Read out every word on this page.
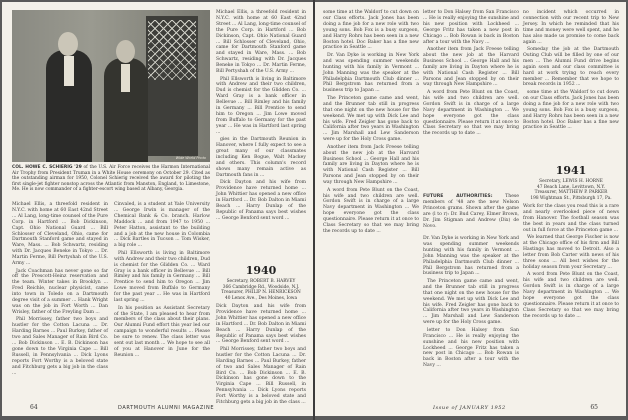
Wide World Photo
COL. HOWE C. SCHIERIG '29 of the U.S. Air Force receives the Harmon International Air Trophy from President Truman in a White House ceremony on October 29. Cited as the outstanding airman for 1950, Colonel Schierig received the award for piloting the first single-jet fighter nonstop across the Atlantic from Manston, England, to Limestone, Me. He is now commander of a fighter-escort wing based at Albany, Georgia.

Michael Ellis, a threefold resident in N.Y.C. with home at 60 East 42nd Street ... Al Lang, long-time counsel of the Pure Corp. in Hartford ... Bob Dickinson, Capt. Ohio National Guard ... Bill Schlosser of Cleveland, Ohio, came for Dartmouth Stanford game and stayed in Ware, Mass. ... Bob Schwartz, residing with Dr. Jacques Beneke in Tokyo ... Dr. Martin Ferme, Bill Pertyshah of the U.S. Army ...

Jack Coachman has never gone so far off the Prescott-Heinz reservation and the team. Winter takes in Brooklyn ... Fred Reichle, nuclear physicist, came into town in Toledo on a Dartmouth degree visit of a summer ... Hank Wright was on the job in Fort Worth ... Dan Wrisley, father of the Freyling Dam ...

Phil Morrissey, father two boys and hustler for the Cotton Lacuna ... Dr. Harding Barnes ... Paul Burkey, father of two and Sales Manager of Rain Bird Co. ... Bob Dickinson ... E. B. Dickinson has gone down to the Virginia Cape ... Bill Russell, in Pennsylvania ... Dick Lyons reports Fort Worthy is a beloved state and Fitchburg gets a big job in the class ...

Cinvaled, is a student at Yale University ... George Irwin is manager of the Chemical Bank & Co. branch. Harlow Maddock ... and from 1947 to 1950 ... Peter Hatton, assistant to the building and a job at the new house in Colombia ... Dick Bartles in Tucson ... Tom Wisker, a big role ...

Phil Ellsworth is living in Baltimore with Andrew and their two children, Dud is chemist for the Glidden Co. ... Ward Gray is a bank officer in Bellevue ... Bill Rimley and his family in Germany ... Bill Prentice to send him to Oregon ... Jim Lowe moved from Buffalo to Germany for the past year ... He was in Hartford last spring ...

In his position as Assistant Secretary of the State, I am pleased to hear from members of the class about their plans. Our Alumni Fund effort this year led our campaign to wonderful results ... Please be sure to renew. The class letter was sent out last month ... We hope to see all of you at Hanover in June for the Reunion ...

Michael Ellis, a threefold resident in N.Y.C. with home at 60 East 42nd Street ... Al Lang, long-time counsel of the Pure Corp. in Hartford ... Bob Dickinson, Capt. Ohio National Guard ... Bill Schlosser of Cleveland, Ohio, came for Dartmouth Stanford game and stayed in Ware, Mass. ... Bob Schwartz, residing with Dr. Jacques Beneke in Tokyo ... Dr. Martin Ferme, Bill Pertyshah of the U.S. Army ...

Phil Ellsworth is living in Baltimore with Andrew and their two children, Dud is chemist for the Glidden Co. ... Ward Gray is a bank officer in Bellevue ... Bill Rimley and his family in Germany ... Bill Prentice to send him to Oregon ... Jim Lowe moved from Buffalo to Germany for the past year ... He was in Hartford last spring ...

gies in the Dartmouth Reunion in Hanover, where I fully expect to see a great many of our classmates including Ken Bogue, Walt Mackey and others. This column's record shows many remain active as Dartmouth fans in ...

Dick Dayton and his wife from Providence have returned home ... John Whittier has opened a new office in Hartford ... Dr. Bob Dalton in Miami Beach ... Harry Dunlap of the Republic of Panama says best wishes ... George Benford sent word ...

1940
Secretary, ROBERT B. HARVEY
366 Cambridge Rd., Woodside, N.J.
Treasurer, PHILIP N. HENRICKSON
40 Lenox Ave., Des Moines, Iowa

Dick Dayton and his wife from Providence have returned home ... John Whittier has opened a new office in Hartford ... Dr. Bob Dalton in Miami Beach ... Harry Dunlap of the Republic of Panama says best wishes ... George Benford sent word ...

Phil Morrissey, father two boys and hustler for the Cotton Lacuna ... Dr. Harding Barnes ... Paul Burkey, father of two and Sales Manager of Rain Bird Co. ... Bob Dickinson ... E. B. Dickinson has gone down to the Virginia Cape ... Bill Russell, in Pennsylvania ... Dick Lyons reports Fort Worthy is a beloved state and Fitchburg gets a big job in the class ...

64	DARTMOUTH ALUMNI MAGAZINE

some time at the Waldorf to cut down on our Class efforts. Jack Jones has been doing a fine job for a new role with two young sons. Bob Fox is a busy surgeon, and Harry Rohrs has been seen in a new Boston hotel. Doc Baker has a fine new practice in Seattle ...

Dr. Van Dyke is working in New York and was spending summer weekends hunting with his family in Vermont ... John Manning was the speaker at the Philadelphia Dartmouth Club dinner ... Phil Bergstrom has returned from a business trip to Japan ...

The Princeton game came and went, and the Brunner tab still in progress that one night on the new house for the weekend. We met up with Dick Lee and his wife. Fred Zeigler has gone back to California after two years in Washington ... Jim Marshall and Lew Sanderson were up for the Holy Cross game.

Another item from Jack Freese telling about the new job at the Harvard Business School ... George Hall and his family are living in Dayton where he is with National Cash Register ... Bill Parsons and Jean stopped by on their way through New Hampshire ...

A word from Pete Blunt on the Coast, his wife and two children are well. Gordon Swift is in charge of a large Navy department in Washington ... We hope everyone got the class questionnaire. Please return it at once to Class Secretary so that we may bring the records up to date ...

letter to Don Halsey from San Francisco ... He is really enjoying the sunshine and his new position with Lockheed ... George Fritz has taken a new post in Chicago ... Bob Rowan is back in Boston after a tour with the Navy ...

Another item from Jack Freese telling about the new job at the Harvard Business School ... George Hall and his family are living in Dayton where he is with National Cash Register ... Bill Parsons and Jean stopped by on their way through New Hampshire ...

A word from Pete Blunt on the Coast, his wife and two children are well. Gordon Swift is in charge of a large Navy department in Washington ... We hope everyone got the class questionnaire. Please return it at once to Class Secretary so that we may bring the records up to date ...

FUTURE AUTHORITIES:	These members of '48 are the new Nelson Princeton grams. Shown after the game are (l to r): Dr. Bud Carey, Elmer Brown, Dr. Jim Stigman and Andrew (Dix) de Novo.

Dr. Van Dyke is working in New York and was spending summer weekends hunting with his family in Vermont ... John Manning was the speaker at the Philadelphia Dartmouth Club dinner ... Phil Bergstrom has returned from a business trip to Japan ...

The Princeton game came and went, and the Brunner tab still in progress that one night on the new house for the weekend. We met up with Dick Lee and his wife. Fred Zeigler has gone back to California after two years in Washington ... Jim Marshall and Lew Sanderson were up for the Holy Cross game.

letter to Don Halsey from San Francisco ... He is really enjoying the sunshine and his new position with Lockheed ... George Fritz has taken a new post in Chicago ... Bob Rowan is back in Boston after a tour with the Navy ...

no incident which occurred in connection with our recent trip to New Jersey. In which he reminded that his time and money were well spent, and he has also made us promise to come back again ...

Someday the job at the Dartmouth Outing Club will be filled by one of our men ... The Alumni Fund drive begins again soon and our class committee is hard at work trying to reach every member ... Remember that we hope to break records in 1952 ...

some time at the Waldorf to cut down on our Class efforts. Jack Jones has been doing a fine job for a new role with two young sons. Bob Fox is a busy surgeon, and Harry Rohrs has been seen in a new Boston hotel. Doc Baker has a fine new practice in Seattle ...

1941
Secretary, LEWIS H. HORNE
47 Beach Lane, Levittown, N.Y.
Treasurer, MATTHEW P. PARKER
198 Wightman St., Pittsburgh 17, Pa.

Work for the class you read this is a rare and nearly overlooked piece of news from Hanover. The football season was the best in years and the class turned out in full force at the Princeton game ...

We learned that George Fischer is now at the Chicago office of his firm and Bill Hastings has moved to Detroit. Also a letter from Bob Carter with news of his three sons ... All best wishes for the holiday season from your Secretary ...

A word from Pete Blunt on the Coast, his wife and two children are well. Gordon Swift is in charge of a large Navy department in Washington ... We hope everyone got the class questionnaire. Please return it at once to Class Secretary so that we may bring the records up to date ...

Issue of JANUARY 1952	65
